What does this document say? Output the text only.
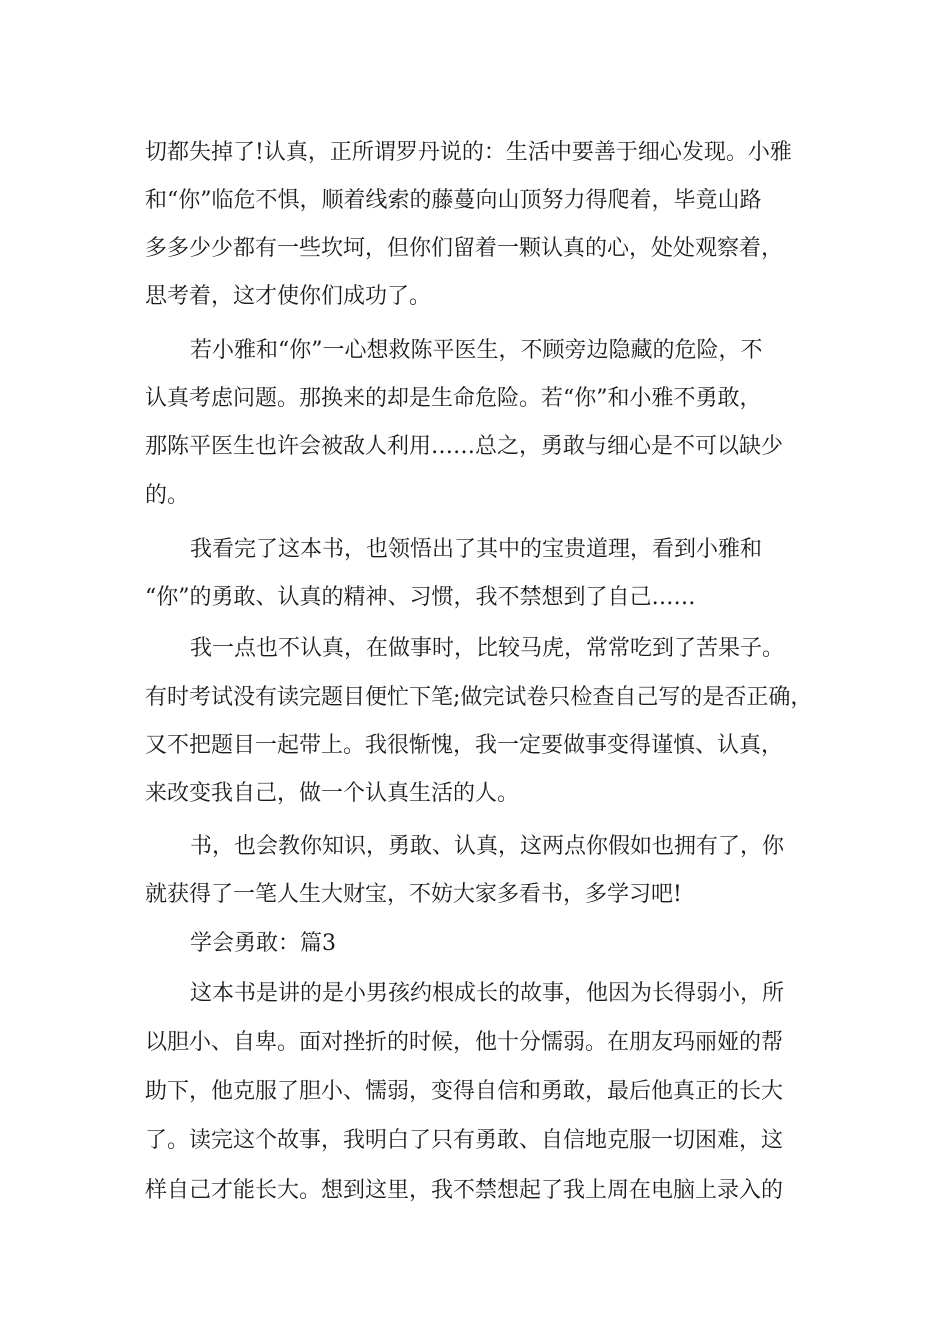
切都失掉了!认真，正所谓罗丹说的：生活中要善于细心发现。小雅

和“你”临危不惧，顺着线索的藤蔓向山顶努力得爬着，毕竟山路

多多少少都有一些坎坷，但你们留着一颗认真的心，处处观察着，

思考着，这才使你们成功了。

若小雅和“你”一心想救陈平医生，不顾旁边隐藏的危险，不

认真考虑问题。那换来的却是生命危险。若“你”和小雅不勇敢，

那陈平医生也许会被敌人利用……总之，勇敢与细心是不可以缺少

的。

我看完了这本书，也领悟出了其中的宝贵道理，看到小雅和

“你”的勇敢、认真的精神、习惯，我不禁想到了自己……

我一点也不认真，在做事时，比较马虎，常常吃到了苦果子。

有时考试没有读完题目便忙下笔;做完试卷只检查自己写的是否正确，

又不把题目一起带上。我很惭愧，我一定要做事变得谨慎、认真，

来改变我自己，做一个认真生活的人。

书，也会教你知识，勇敢、认真，这两点你假如也拥有了，你

就获得了一笔人生大财宝，不妨大家多看书，多学习吧!

学会勇敢：篇3

这本书是讲的是小男孩约根成长的故事，他因为长得弱小，所

以胆小、自卑。面对挫折的时候，他十分懦弱。在朋友玛丽娅的帮

助下，他克服了胆小、懦弱，变得自信和勇敢，最后他真正的长大

了。读完这个故事，我明白了只有勇敢、自信地克服一切困难，这

样自己才能长大。想到这里，我不禁想起了我上周在电脑上录入的
